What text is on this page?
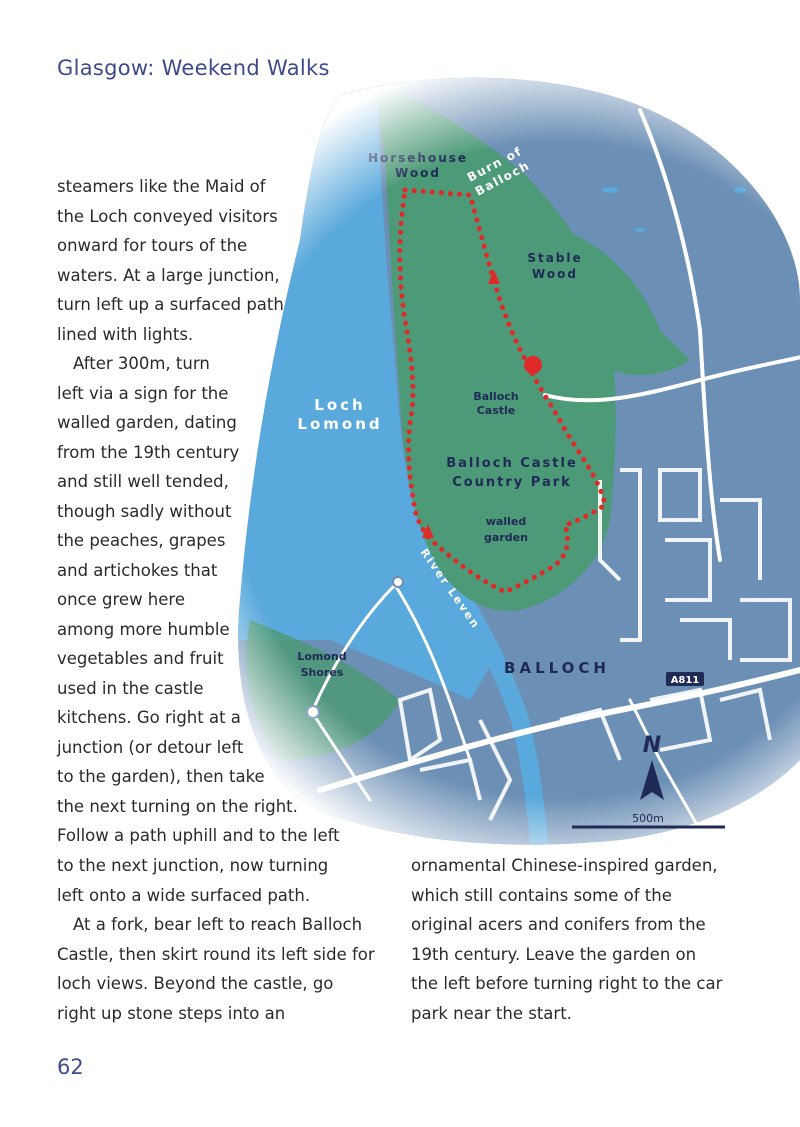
Glasgow: Weekend Walks
N
500m
steamers like the Maid of
the Loch conveyed visitors
onward for tours of the
waters. At a large junction,
turn left up a surfaced path
lined with lights.
After 300m, turn
left via a sign for the
walled garden, dating
from the 19th century
and still well tended,
though sadly without
the peaches, grapes
and artichokes that
once grew here
among more humble
vegetables and fruit
used in the castle
kitchens. Go right at a
junction (or detour left
to the garden), then take
the next turning on the right.
Follow a path uphill and to the left
to the next junction, now turning
left onto a wide surfaced path.
At a fork, bear left to reach Balloch
Castle, then skirt round its left side for
loch views. Beyond the castle, go
right up stone steps into an
ornamental Chinese-inspired garden,
which still contains some of the
original acers and conifers from the
19th century. Leave the garden on
the left before turning right to the car
park near the start.
62
